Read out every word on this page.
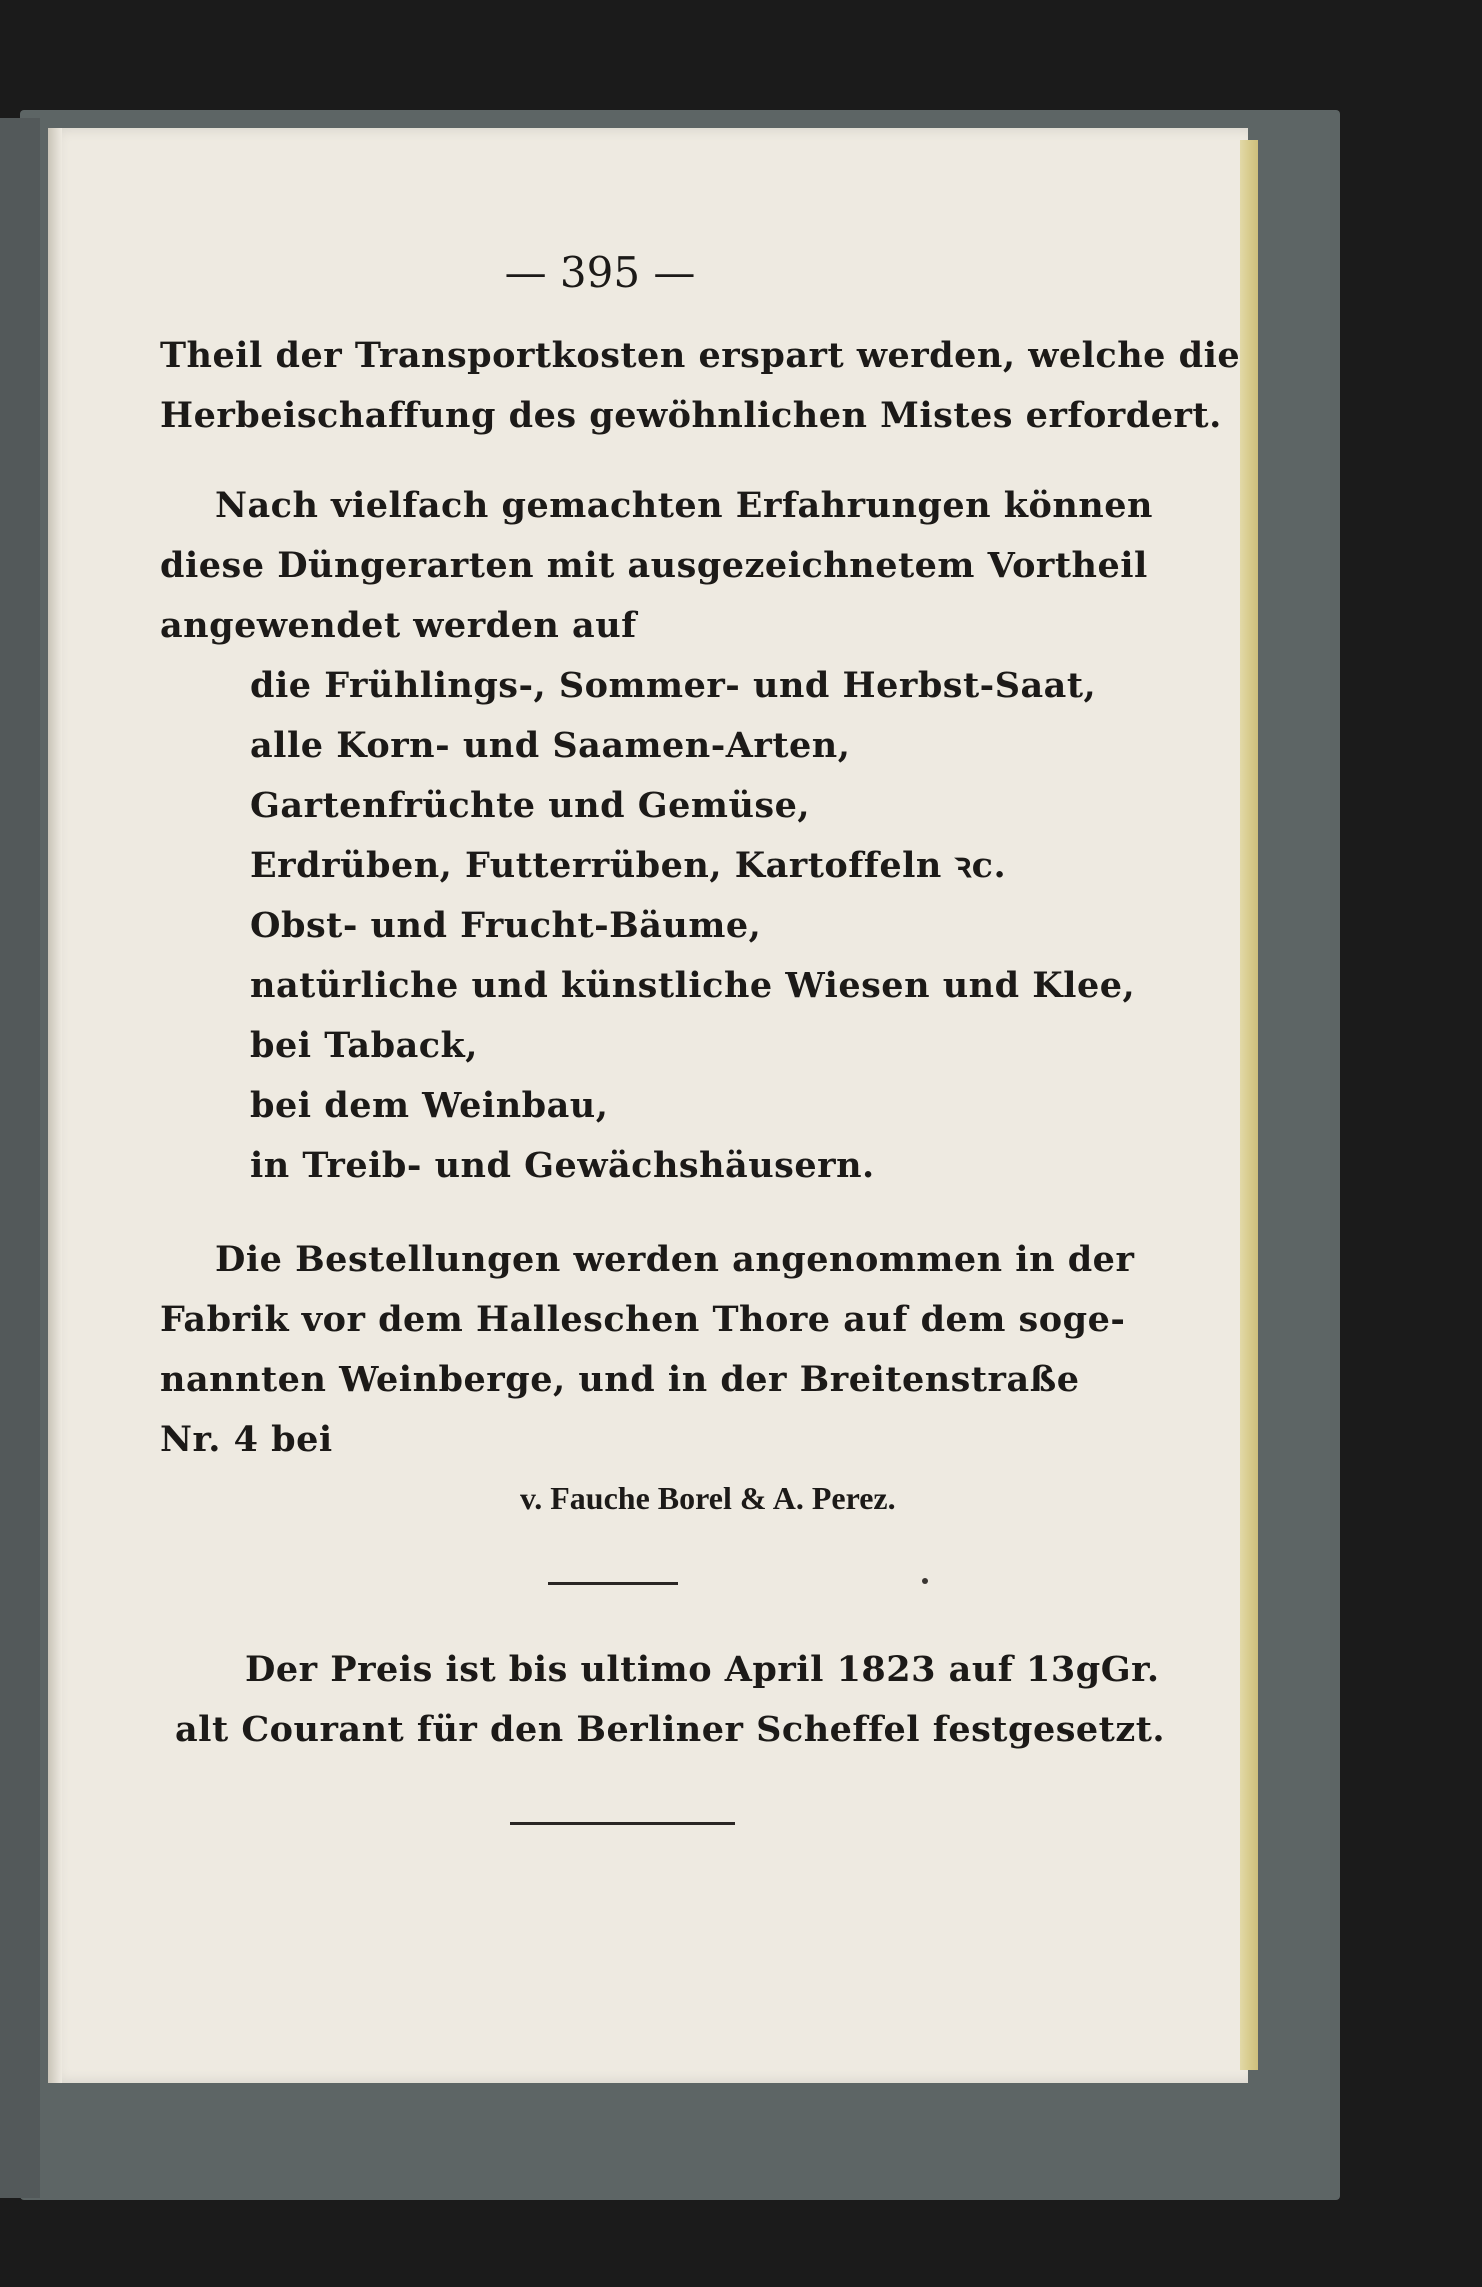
— 395 —
Theil der Transportkosten erspart werden, welche die
Herbeischaffung des gewöhnlichen Mistes erfordert.
Nach vielfach gemachten Erfahrungen können
diese Düngerarten mit ausgezeichnetem Vortheil
angewendet werden auf
die Frühlings-, Sommer- und Herbst-Saat,
alle Korn- und Saamen-Arten,
Gartenfrüchte und Gemüse,
Erdrüben, Futterrüben, Kartoffeln ꝛc.
Obst- und Frucht-Bäume,
natürliche und künstliche Wiesen und Klee,
bei Taback,
bei dem Weinbau,
in Treib- und Gewächshäusern.
Die Bestellungen werden angenommen in der
Fabrik vor dem Halleschen Thore auf dem soge-
nannten Weinberge, und in der Breitenstraße
Nr. 4 bei
v. Fauche Borel & A. Perez.
Der Preis ist bis ultimo April 1823 auf 13gGr.
alt Courant für den Berliner Scheffel festgesetzt.
